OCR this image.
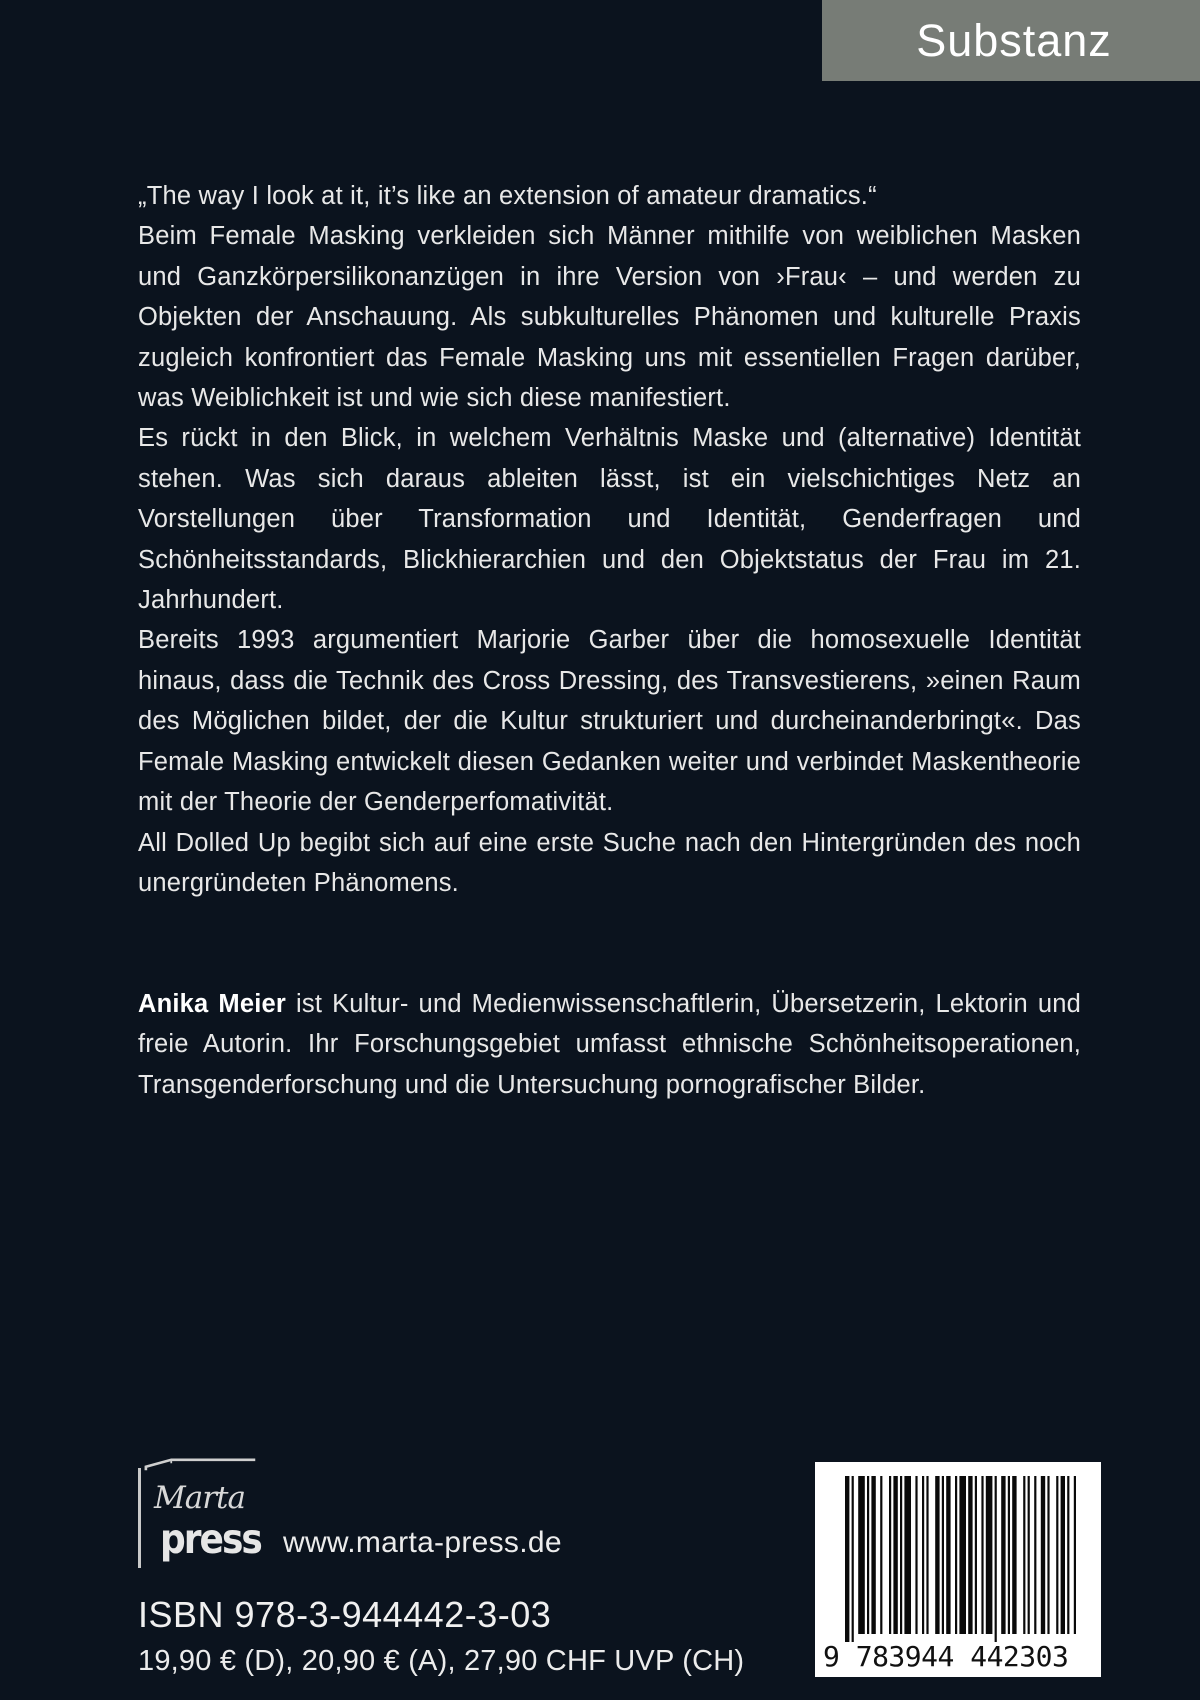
Substanz

„The way I look at it, it’s like an extension of amateur dramatics.“

Beim Female Masking verkleiden sich Männer mithilfe von weiblichen Masken und Ganzkörpersilikonanzügen in ihre Version von ›Frau‹ – und werden zu Objekten der Anschauung. Als subkulturelles Phänomen und kulturelle Praxis zugleich konfrontiert das Female Masking uns mit essentiellen Fragen darüber, was Weiblichkeit ist und wie sich diese manifestiert.

Es rückt in den Blick, in welchem Verhältnis Maske und (alternative) Identität stehen. Was sich daraus ableiten lässt, ist ein vielschichtiges Netz an Vorstellungen über Transformation und Identität, Genderfragen und Schönheitsstandards, Blickhierarchien und den Objektstatus der Frau im 21. Jahrhundert.

Bereits 1993 argumentiert Marjorie Garber über die homosexuelle Identität hinaus, dass die Technik des Cross Dressing, des Transvestierens, »einen Raum des Möglichen bildet, der die Kultur strukturiert und durcheinanderbringt«. Das Female Masking entwickelt diesen Gedanken weiter und verbindet Maskentheorie mit der Theorie der Genderperfomativität.

All Dolled Up begibt sich auf eine erste Suche nach den Hintergründen des noch unergründeten Phänomens.

Anika Meier ist Kultur- und Medienwissenschaftlerin, Übersetzerin, Lektorin und freie Autorin. Ihr Forschungsgebiet umfasst ethnische Schönheitsoperationen, Transgenderforschung und die Untersuchung pornografischer Bilder.

Marta
press www.marta-press.de
ISBN 978-3-944442-3-03
19,90 € (D), 20,90 € (A), 27,90 CHF UVP (CH)	9 783944 442303
